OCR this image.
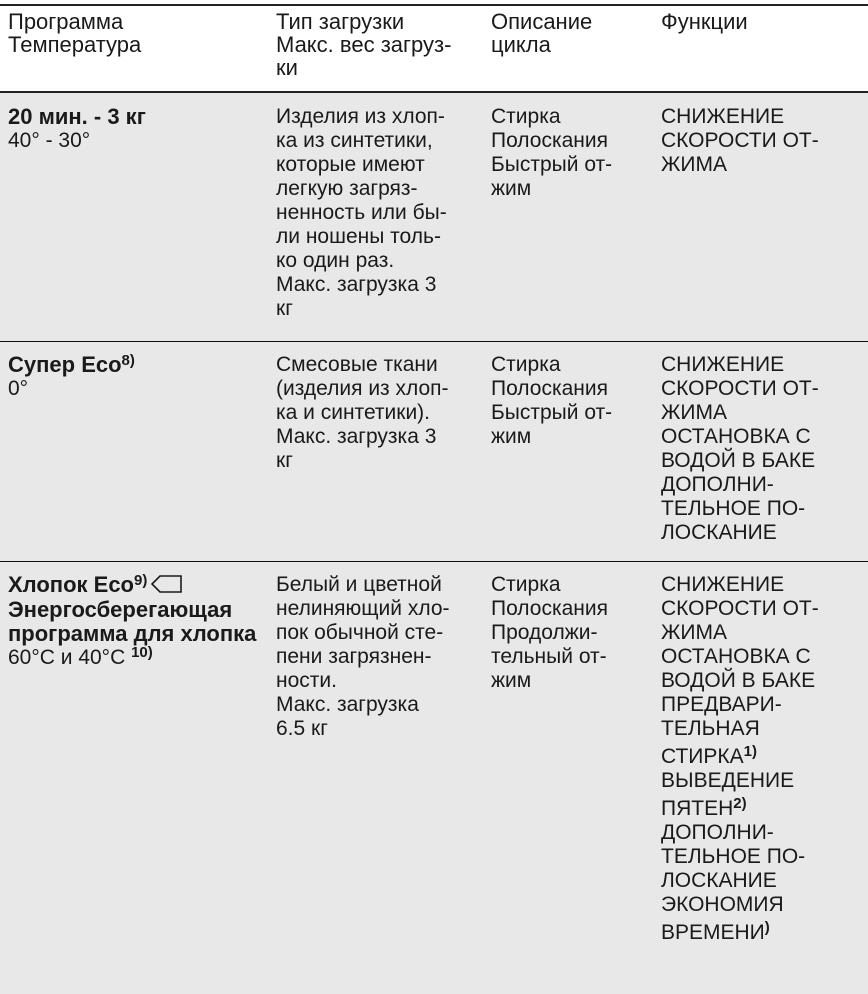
Программа
Температура
Тип загрузки
Макс. вес загруз-
ки
Описание
цикла
Функции
20 мин. - 3 кг
40° - 30°
Изделия из хлоп-
ка из синтетики,
которые имеют
легкую загряз-
ненность или бы-
ли ношены толь-
ко один раз.
Макс. загрузка 3
кг
Стирка
Полоскания
Быстрый от-
жим
СНИЖЕНИЕ
СКОРОСТИ ОТ-
ЖИМА
Супер Eco$^{8)}$
0°
Смесовые ткани
(изделия из хлоп-
ка и синтетики).
Макс. загрузка 3
кг
Стирка
Полоскания
Быстрый от-
жим
СНИЖЕНИЕ
СКОРОСТИ ОТ-
ЖИМА
ОСТАНОВКА С
ВОДОЙ В БАКЕ
ДОПОЛНИ-
ТЕЛЬНОЕ ПО-
ЛОСКАНИЕ
Хлопок Eco$^{9)}$
Энергосберегающая
программа для хлопка
60°C и 40°C $^{10)}$
Белый и цветной
нелиняющий хло-
пок обычной сте-
пени загрязнен-
ности.
Макс. загрузка
6.5 кг
Стирка
Полоскания
Продолжи-
тельный от-
жим
СНИЖЕНИЕ
СКОРОСТИ ОТ-
ЖИМА
ОСТАНОВКА С
ВОДОЙ В БАКЕ
ПРЕДВАРИ-
ТЕЛЬНАЯ
СТИРКА$^{1)}$
ВЫВЕДЕНИЕ
ПЯТЕН$^{2)}$
ДОПОЛНИ-
ТЕЛЬНОЕ ПО-
ЛОСКАНИЕ
ЭКОНОМИЯ
ВРЕМЕНИ)
